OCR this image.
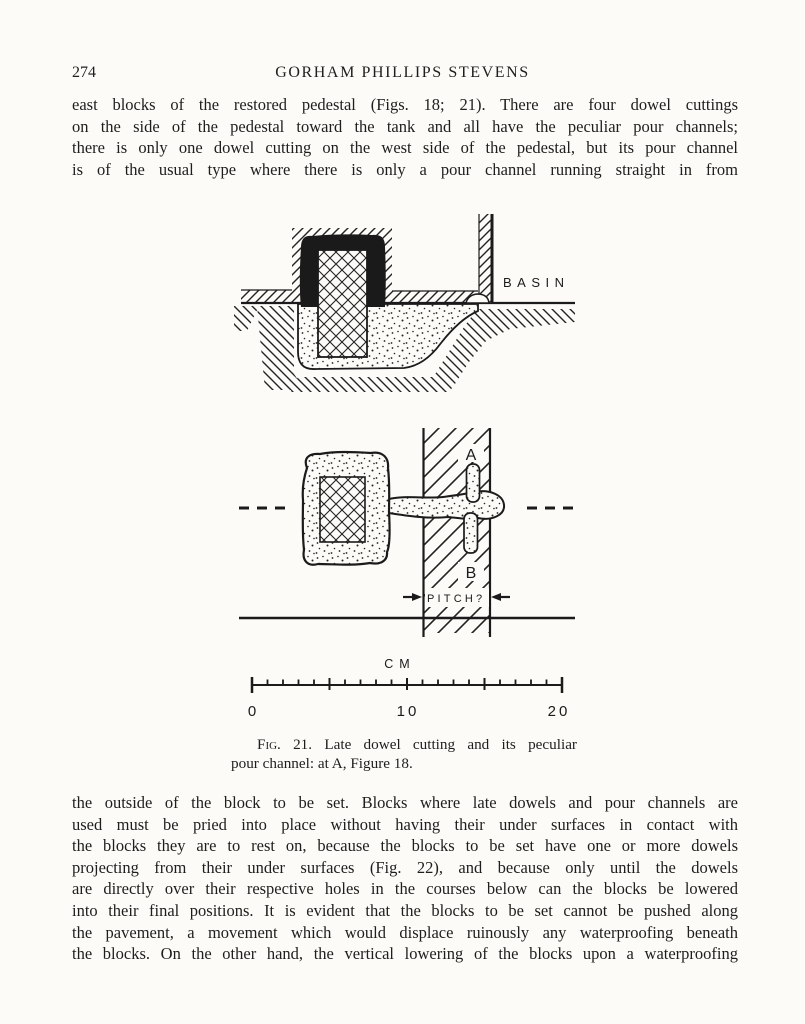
274	GORHAM PHILLIPS STEVENS
east blocks of the restored pedestal (Figs. 18; 21). There are four dowel cuttings
on the side of the pedestal toward the tank and all have the peculiar pour channels;
there is only one dowel cutting on the west side of the pedestal, but its pour channel
is of the usual type where there is only a pour channel running straight in from
BASIN
A
B
PITCH?
CM
0	10	20
Fig. 21. Late dowel cutting and its peculiar
pour channel: at A, Figure 18.
the outside of the block to be set. Blocks where late dowels and pour channels are
used must be pried into place without having their under surfaces in contact with
the blocks they are to rest on, because the blocks to be set have one or more dowels
projecting from their under surfaces (Fig. 22), and because only until the dowels
are directly over their respective holes in the courses below can the blocks be lowered
into their final positions. It is evident that the blocks to be set cannot be pushed along
the pavement, a movement which would displace ruinously any waterproofing beneath
the blocks. On the other hand, the vertical lowering of the blocks upon a waterproofing
